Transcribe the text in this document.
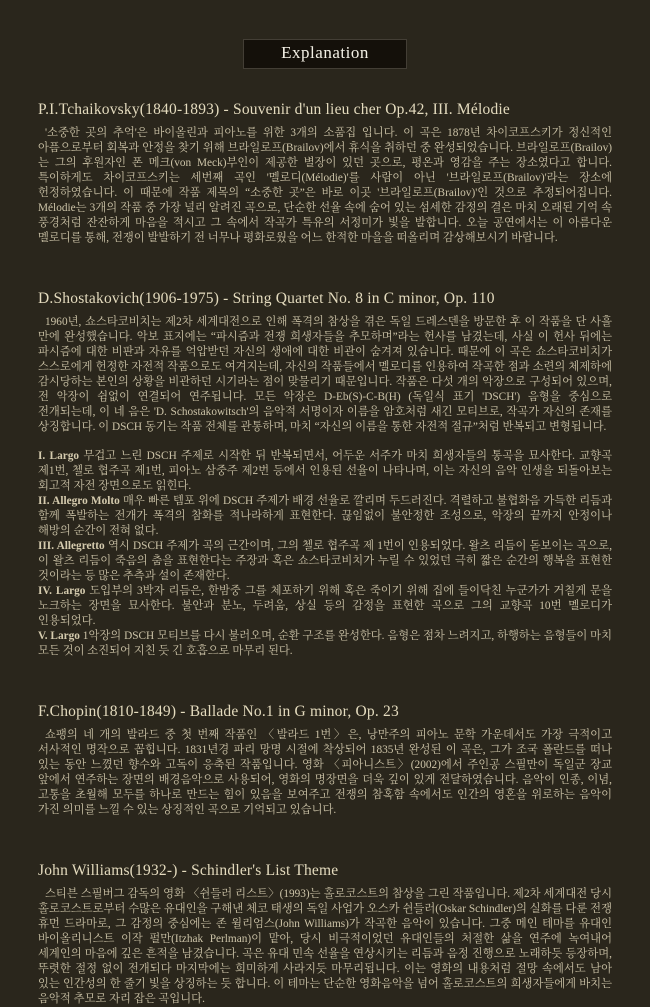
Explanation
P.I.Tchaikovsky(1840-1893) - Souvenir d'un lieu cher Op.42, III. Mélodie

'소중한 곳의 추억'은 바이올린과 피아노를 위한 3개의 소품집 입니다. 이 곡은 1878년 차이코프스키가 정신적인 아픔으로부터 회복과 안정을 찾기 위해 브라일로프(Brailov)에서 휴식을 취하던 중 완성되었습니다. 브라일로프(Brailov)는 그의 후원자인 폰 메크(von Meck)부인이 제공한 별장이 있던 곳으로, 평온과 영감을 주는 장소였다고 합니다. 특이하게도 차이코프스키는 세번째 곡인 '멜로디(Mélodie)'를 사람이 아닌 '브라일로프(Brailov)'라는 장소에 헌정하였습니다. 이 때문에 작품 제목의 “소중한 곳”은 바로 이곳 '브라일로프(Brailov)'인 것으로 추정되어집니다. Mélodie는 3개의 작품 중 가장 널리 알려진 곡으로, 단순한 선율 속에 숨어 있는 섬세한 감정의 결은 마치 오래된 기억 속 풍경처럼 잔잔하게 마음을 적시고 그 속에서 작곡가 특유의 서정미가 빛을 발합니다. 오늘 공연에서는 이 아름다운 멜로디를 통해, 전쟁이 발발하기 전 너무나 평화로웠을 어느 한적한 마을을 떠올리며 감상해보시기 바랍니다.

D.Shostakovich(1906-1975) - String Quartet No. 8 in C minor, Op. 110

1960년, 쇼스타코비치는 제2차 세계대전으로 인해 폭격의 참상을 겪은 독일 드레스덴을 방문한 후 이 작품을 단 사흘 만에 완성했습니다. 악보 표지에는 “파시즘과 전쟁 희생자들을 추모하며”라는 헌사를 남겼는데, 사실 이 헌사 뒤에는 파시즘에 대한 비판과 자유를 억압받던 자신의 생애에 대한 비관이 숨겨져 있습니다. 때문에 이 곡은 쇼스타코비치가 스스로에게 헌정한 자전적 작품으로도 여겨지는데, 자신의 작품들에서 멜로디를 인용하여 작곡한 점과 소련의 체제하에 감시당하는 본인의 상황을 비관하던 시기라는 점이 맞물리기 때문입니다. 작품은 다섯 개의 악장으로 구성되어 있으며, 전 악장이 쉼없이 연결되어 연주됩니다. 모든 악장은 D-Eb(S)-C-B(H) (독일식 표기 'DSCH') 음형을 중심으로 전개되는데, 이 네 음은 'D. Schostakowitsch'의 음악적 서명이자 이름을 암호처럼 새긴 모티브로, 작곡가 자신의 존재를 상징합니다. 이 DSCH 동기는 작품 전체를 관통하며, 마치 “자신의 이름을 통한 자전적 절규”처럼 반복되고 변형됩니다.

I. Largo 무겁고 느린 DSCH 주제로 시작한 뒤 반복되면서, 어두운 서주가 마치 희생자들의 통곡을 묘사한다. 교향곡 제1번, 첼로 협주곡 제1번, 피아노 삼중주 제2번 등에서 인용된 선율이 나타나며, 이는 자신의 음악 인생을 되돌아보는 회고적 자전 장면으로도 읽힌다.

II. Allegro Molto 매우 빠른 템포 위에 DSCH 주제가 배경 선율로 깔리며 두드러진다. 격렬하고 불협화음 가득한 리듬과 함께 폭발하는 전개가 폭격의 참화를 적나라하게 표현한다. 끊임없이 불안정한 조성으로, 악장의 끝까지 안정이나 해방의 순간이 전혀 없다.

III. Allegretto 역시 DSCH 주제가 곡의 근간이며, 그의 첼로 협주곡 제 1번이 인용되었다. 왈츠 리듬이 돋보이는 곡으로, 이 왈츠 리듬이 죽음의 춤을 표현한다는 주장과 혹은 쇼스타코비치가 누릴 수 있었던 극히 짧은 순간의 행복을 표현한 것이라는 등 많은 추측과 설이 존재한다.

IV. Largo 도입부의 3박자 리듬은, 한밤중 그를 체포하기 위해 혹은 죽이기 위해 집에 들이닥친 누군가가 거칠게 문을 노크하는 장면을 묘사한다. 불안과 분노, 두려움, 상실 등의 감정을 표현한 곡으로 그의 교향곡 10번 멜로디가 인용되었다.

V. Largo 1악장의 DSCH 모티브를 다시 불러오며, 순환 구조를 완성한다. 음형은 점차 느려지고, 하행하는 음형들이 마치 모든 것이 소진되어 지친 듯 긴 호흡으로 마무리 된다.

F.Chopin(1810-1849) - Ballade No.1 in G minor, Op. 23

쇼팽의 네 개의 발라드 중 첫 번째 작품인 〈발라드 1번〉은, 낭만주의 피아노 문학 가운데서도 가장 극적이고 서사적인 명작으로 꼽힙니다. 1831년경 파리 망명 시절에 착상되어 1835년 완성된 이 곡은, 그가 조국 폴란드를 떠나 있는 동안 느꼈던 향수와 고독이 응축된 작품입니다. 영화 〈피아니스트〉(2002)에서 주인공 스필만이 독일군 장교 앞에서 연주하는 장면의 배경음악으로 사용되어, 영화의 명장면을 더욱 깊이 있게 전달하였습니다. 음악이 인종, 이념, 고통을 초월해 모두를 하나로 만드는 힘이 있음을 보여주고 전쟁의 참혹함 속에서도 인간의 영혼을 위로하는 음악이 가진 의미를 느낄 수 있는 상징적인 곡으로 기억되고 있습니다.

John Williams(1932-) - Schindler's List Theme

스티븐 스필버그 감독의 영화 〈쉰들러 리스트〉(1993)는 홀로코스트의 참상을 그린 작품입니다. 제2차 세계대전 당시 홀로코스트로부터 수많은 유대인을 구해낸 체코 태생의 독일 사업가 오스카 쉰들러(Oskar Schindler)의 실화를 다룬 전쟁 휴먼 드라마로, 그 감정의 중심에는 존 윌리엄스(John Williams)가 작곡한 음악이 있습니다. 그중 메인 테마를 유대인 바이올리니스트 이작 펄만(Itzhak Perlman)이 맡아, 당시 비극적이었던 유대인들의 처절한 삶을 연주에 녹여내어 세계인의 마음에 깊은 흔적을 남겼습니다. 곡은 유대 민속 선율을 연상시키는 리듬과 음정 진행으로 노래하듯 등장하며, 뚜렷한 절정 없이 전개되다 마지막에는 희미하게 사라지듯 마무리됩니다. 이는 영화의 내용처럼 절망 속에서도 남아 있는 인간성의 한 줄기 빛을 상징하는 듯 합니다. 이 테마는 단순한 영화음악을 넘어 홀로코스트의 희생자들에게 바치는 음악적 추모로 자리 잡은 곡입니다.
